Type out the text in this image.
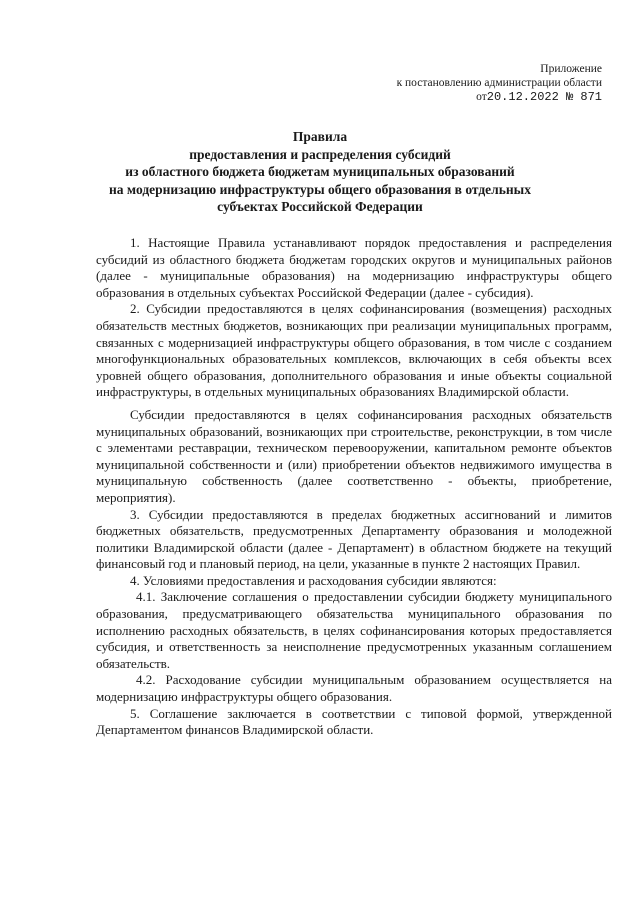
Приложение
к постановлению администрации области
от20.12.2022 № 871
Правила
предоставления и распределения субсидий
из областного бюджета бюджетам муниципальных образований
на модернизацию инфраструктуры общего образования в отдельных
субъектах Российской Федерации

1. Настоящие Правила устанавливают порядок предоставления и распределения субсидий из областного бюджета бюджетам городских округов и муниципальных районов (далее - муниципальные образования) на модернизацию инфраструктуры общего образования в отдельных субъектах Российской Федерации (далее - субсидия).

2. Субсидии предоставляются в целях софинансирования (возмещения) расходных обязательств местных бюджетов, возникающих при реализации муниципальных программ, связанных с модернизацией инфраструктуры общего образования, в том числе с созданием многофункциональных образовательных комплексов, включающих в себя объекты всех уровней общего образования, дополнительного образования и иные объекты социальной инфраструктуры, в отдельных муниципальных образованиях Владимирской области.

Субсидии предоставляются в целях софинансирования расходных обязательств муниципальных образований, возникающих при строительстве, реконструкции, в том числе с элементами реставрации, техническом перевооружении, капитальном ремонте объектов муниципальной собственности и (или) приобретении объектов недвижимого имущества в муниципальную собственность (далее соответственно - объекты, приобретение, мероприятия).

3. Субсидии предоставляются в пределах бюджетных ассигнований и лимитов бюджетных обязательств, предусмотренных Департаменту образования и молодежной политики Владимирской области (далее - Департамент) в областном бюджете на текущий финансовый год и плановый период, на цели, указанные в пункте 2 настоящих Правил.

4. Условиями предоставления и расходования субсидии являются:

4.1. Заключение соглашения о предоставлении субсидии бюджету муниципального образования, предусматривающего обязательства муниципального образования по исполнению расходных обязательств, в целях софинансирования которых предоставляется субсидия, и ответственность за неисполнение предусмотренных указанным соглашением обязательств.

4.2. Расходование субсидии муниципальным образованием осуществляется на модернизацию инфраструктуры общего образования.

5. Соглашение заключается в соответствии с типовой формой, утвержденной Департаментом финансов Владимирской области.
